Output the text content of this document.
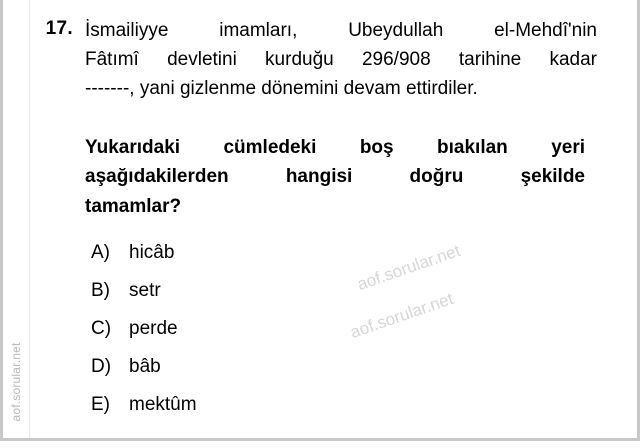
aof.sorular.net
17. İsmailiyye imamları, Ubeydullah el-Mehdî'nin
Fâtımî devletini kurduğu 296/908 tarihine kadar
-------, yani gizlenme dönemini devam ettirdiler.
Yukarıdaki cümledeki boş bıakılan yeri
aşağıdakilerden hangisi doğru şekilde
tamamlar?
A)	hicâb
B)	setr
C) perde
D) bâb
E)	mektûm
aof.sorular.net
aof.sorular.net
